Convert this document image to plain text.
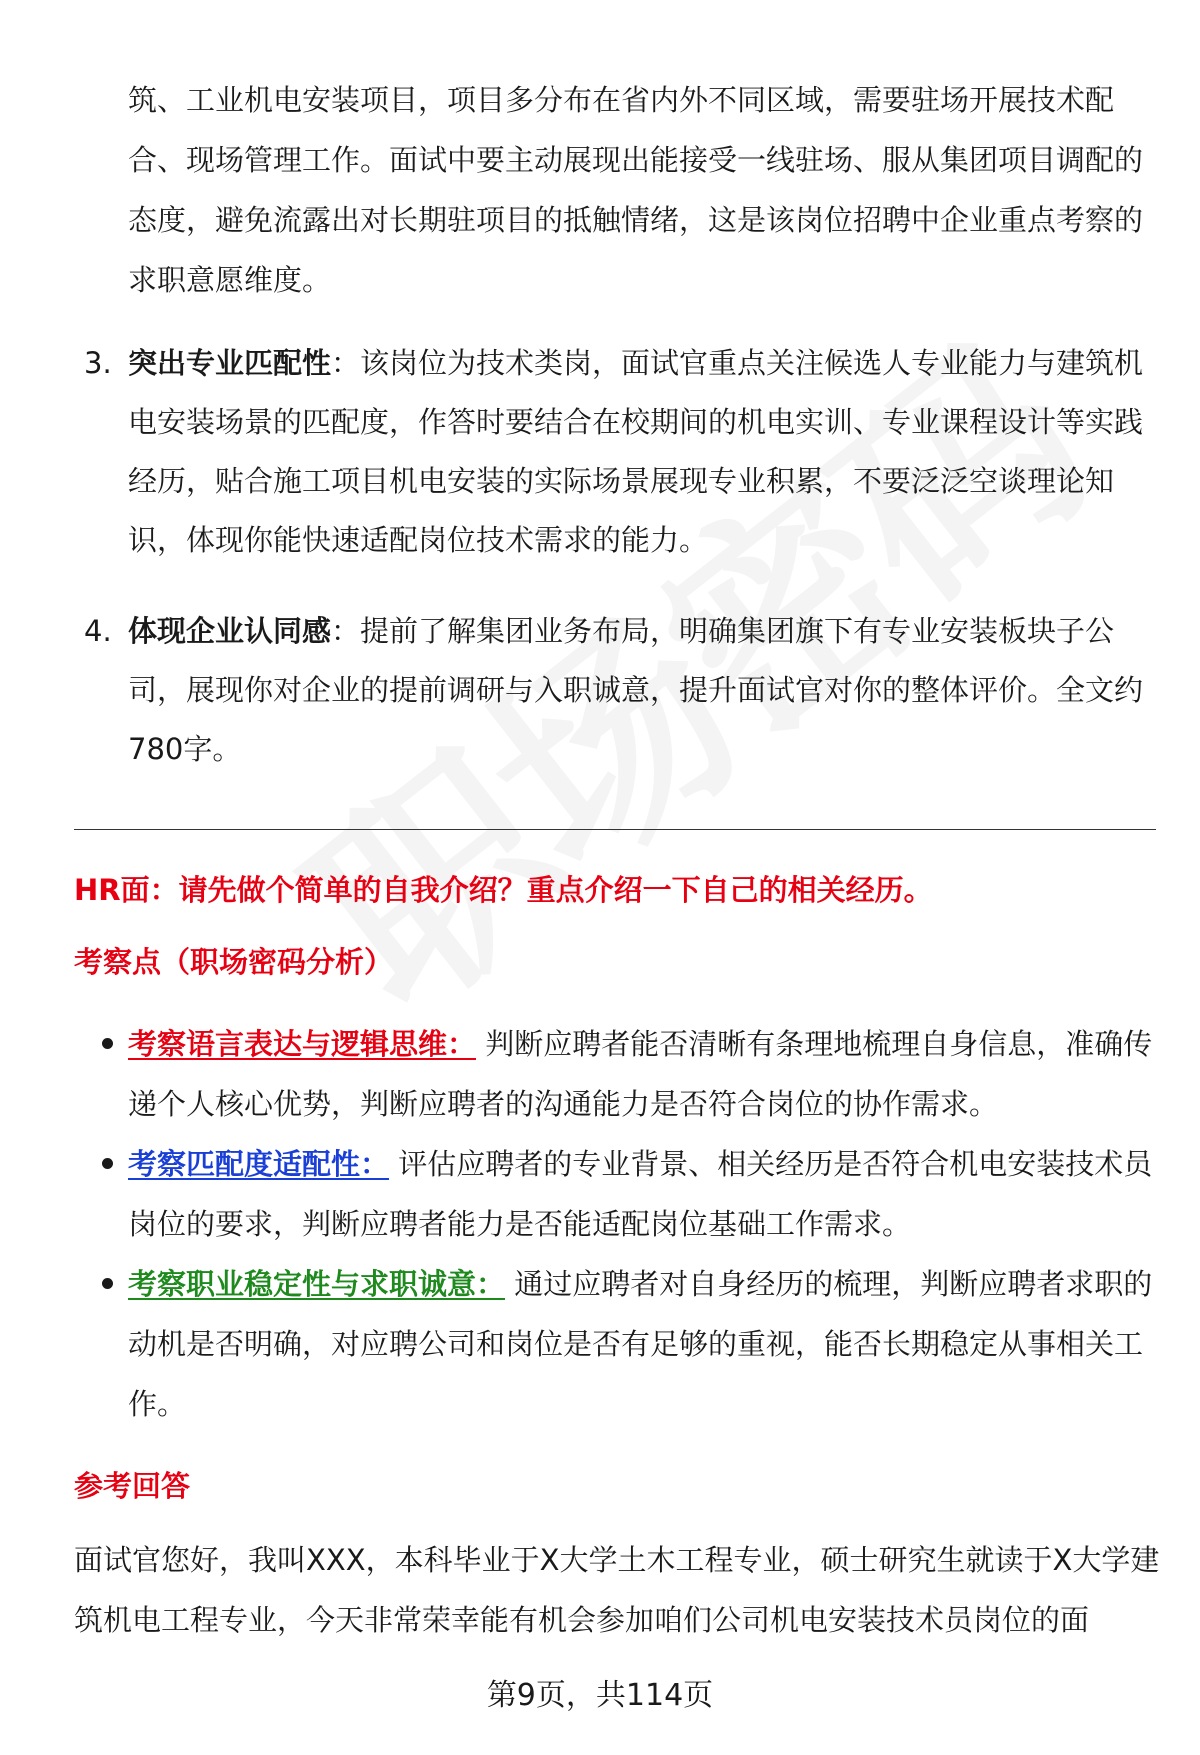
筑、工业机电安装项目，项目多分布在省内外不同区域，需要驻场开展技术配合、现场管理工作。面试中要主动展现出能接受一线驻场、服从集团项目调配的态度，避免流露出对长期驻项目的抵触情绪，这是该岗位招聘中企业重点考察的求职意愿维度。
3. 突出专业匹配性：该岗位为技术类岗，面试官重点关注候选人专业能力与建筑机电安装场景的匹配度，作答时要结合在校期间的机电实训、专业课程设计等实践经历，贴合施工项目机电安装的实际场景展现专业积累，不要泛泛空谈理论知识，体现你能快速适配岗位技术需求的能力。
4. 体现企业认同感：提前了解集团业务布局，明确集团旗下有专业安装板块子公司，展现你对企业的提前调研与入职诚意，提升面试官对你的整体评价。全文约780字。
HR面：请先做个简单的自我介绍？重点介绍一下自己的相关经历。
考察点（职场密码分析）
考察语言表达与逻辑思维： 判断应聘者能否清晰有条理地梳理自身信息，准确传递个人核心优势，判断应聘者的沟通能力是否符合岗位的协作需求。
考察匹配度适配性： 评估应聘者的专业背景、相关经历是否符合机电安装技术员岗位的要求，判断应聘者能力是否能适配岗位基础工作需求。
考察职业稳定性与求职诚意： 通过应聘者对自身经历的梳理，判断应聘者求职的动机是否明确，对应聘公司和岗位是否有足够的重视，能否长期稳定从事相关工作。
参考回答
面试官您好，我叫XXX，本科毕业于X大学土木工程专业，硕士研究生就读于X大学建筑机电工程专业，今天非常荣幸能有机会参加咱们公司机电安装技术员岗位的面
第9页，共114页
